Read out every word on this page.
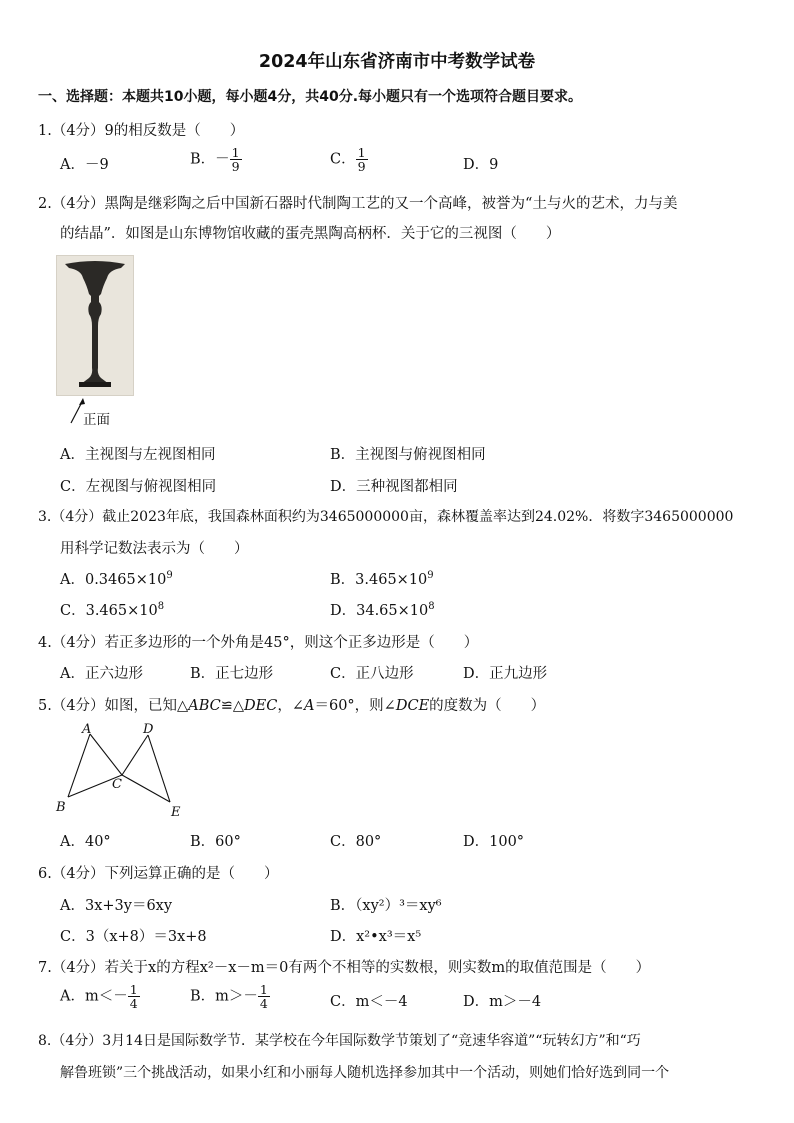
2024年山东省济南市中考数学试卷
一、选择题：本题共10小题，每小题4分，共40分.每小题只有一个选项符合题目要求。
1.（4分）9的相反数是（　　）
A．－9	B．－ $\frac{1}{9}$	C． $\frac{1}{9}$	D．9
2.（4分）黑陶是继彩陶之后中国新石器时代制陶工艺的又一个高峰，被誉为“土与火的艺术，力与美
的结晶”．如图是山东博物馆收藏的蛋壳黑陶高柄杯．关于它的三视图（　　）
正面
A．主视图与左视图相同	B．主视图与俯视图相同
C．左视图与俯视图相同	D．三种视图都相同
3.（4分）截止2023年底，我国森林面积约为3465000000亩，森林覆盖率达到24.02%．将数字3465000000
用科学记数法表示为（　　）
A．$0.3465\times 10^9$	B．$3.465\times 10^9$
C．$3.465\times 10^8$	D．$34.65\times 10^8$
4.（4分）若正多边形的一个外角是45°，则这个正多边形是（　　）
A．正六边形	B．正七边形	C．正八边形	D．正九边形
5.（4分）如图，已知△ABC≌△DEC，∠A＝60°，则∠DCE的度数为（　　）
A
B
C
D
E
A．40°	B．60°	C．80°	D．100°
6.（4分）下列运算正确的是（　　）
A．3x+3y＝6xy	B．（xy²）³＝xy⁶
C．3（x+8）＝3x+8	D．x²•x³＝x⁵
7.（4分）若关于x的方程x²－x－m＝0有两个不相等的实数根，则实数m的取值范围是（　　）
A．$m<- \frac{1}{4}$	B．$m>- \frac{1}{4}$	C．m＜－4	D．m＞－4
8.（4分）3月14日是国际数学节．某学校在今年国际数学节策划了“竞速华容道”“玩转幻方”和“巧
解鲁班锁”三个挑战活动，如果小红和小丽每人随机选择参加其中一个活动，则她们恰好选到同一个
